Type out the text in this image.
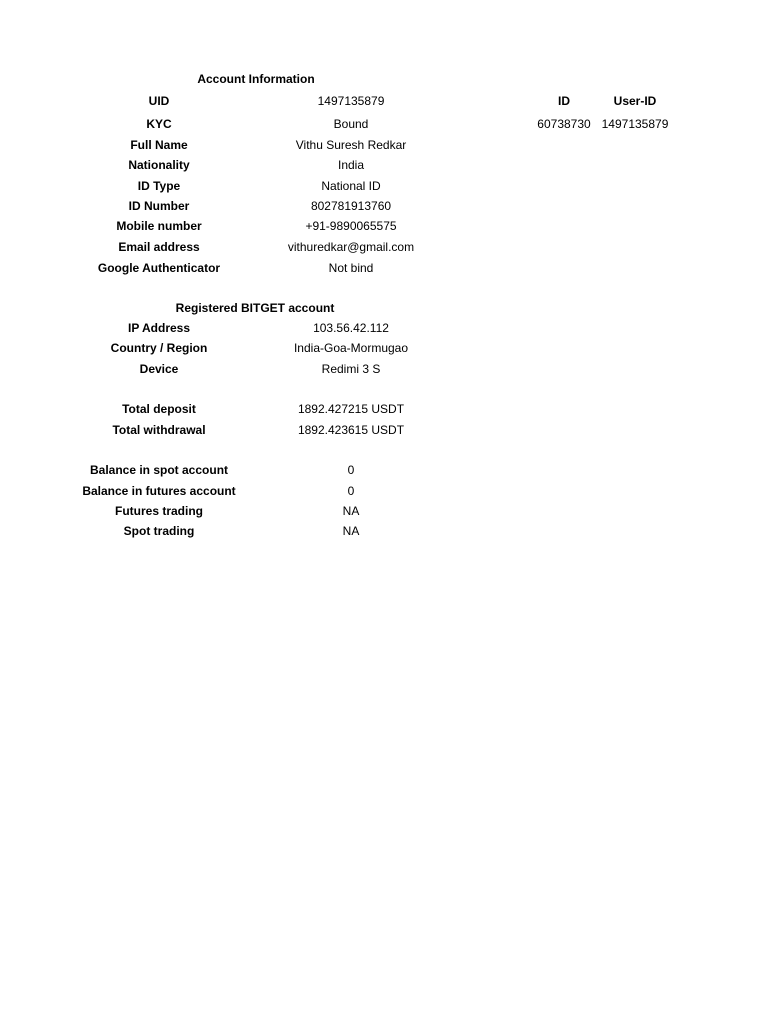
Account Information
UID	1497135879
KYC	Bound
Full Name	Vithu Suresh Redkar
Nationality	India
ID Type	National ID
ID Number	802781913760
Mobile number	+91-9890065575
Email address	vithuredkar@gmail.com
Google Authenticator	Not bind
ID	User-ID
60738730 1497135879
Registered BITGET account
IP Address	103.56.42.112
Country / Region	India-Goa-Mormugao
Device	Redimi 3 S
Total deposit	1892.427215 USDT
Total withdrawal	1892.423615 USDT
Balance in spot account	0
Balance in futures account	0
Futures trading	NA
Spot trading	NA
